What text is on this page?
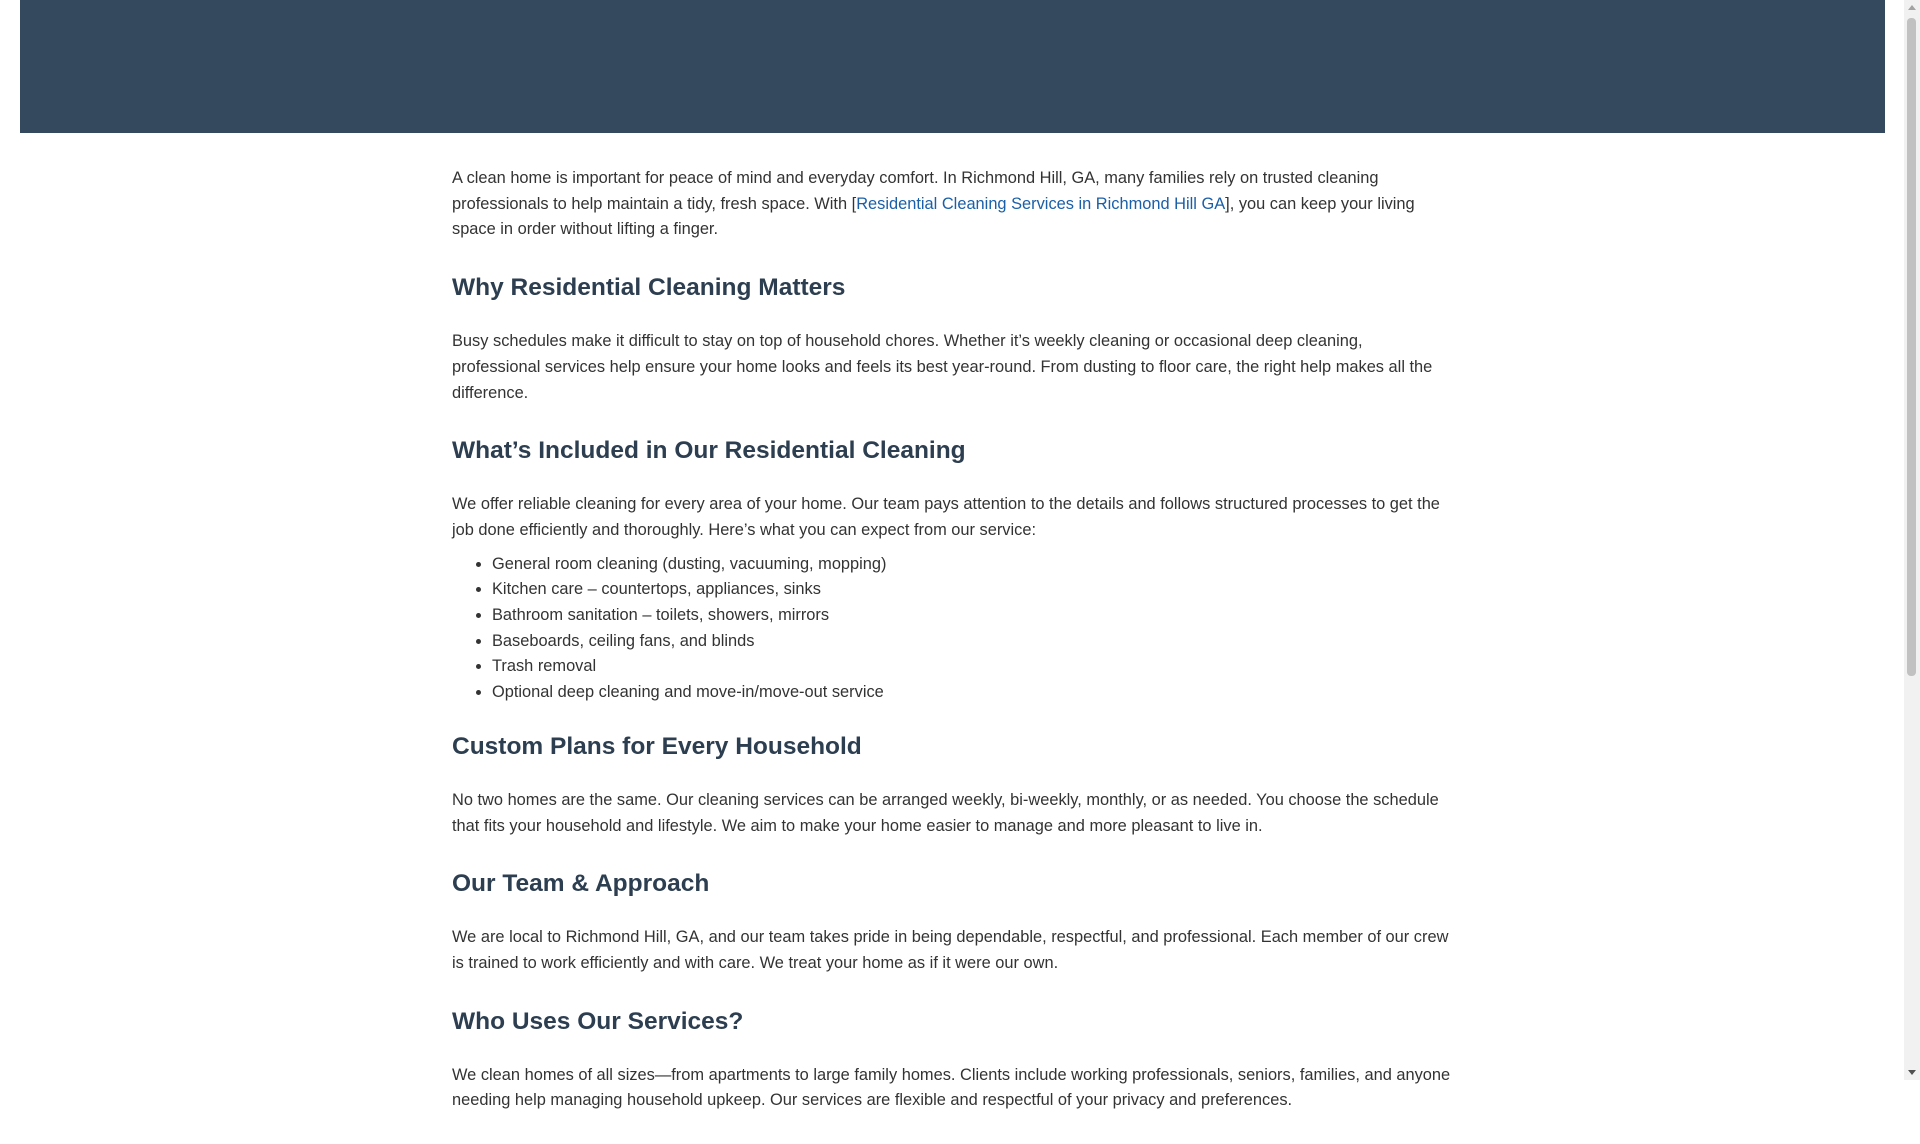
A clean home is important for peace of mind and everyday comfort. In Richmond Hill, GA, many families rely on trusted cleaning professionals to help maintain a tidy, fresh space. With [Residential Cleaning Services in Richmond Hill GA], you can keep your living space in order without lifting a finger.

Why Residential Cleaning Matters

Busy schedules make it difficult to stay on top of household chores. Whether it’s weekly cleaning or occasional deep cleaning, professional services help ensure your home looks and feels its best year-round. From dusting to floor care, the right help makes all the difference.

What’s Included in Our Residential Cleaning

We offer reliable cleaning for every area of your home. Our team pays attention to the details and follows structured processes to get the job done efficiently and thoroughly. Here’s what you can expect from our service:

• General room cleaning (dusting, vacuuming, mopping)
• Kitchen care – countertops, appliances, sinks
• Bathroom sanitation – toilets, showers, mirrors
• Baseboards, ceiling fans, and blinds
• Trash removal
• Optional deep cleaning and move-in/move-out service
Custom Plans for Every Household

No two homes are the same. Our cleaning services can be arranged weekly, bi-weekly, monthly, or as needed. You choose the schedule that fits your household and lifestyle. We aim to make your home easier to manage and more pleasant to live in.

Our Team & Approach

We are local to Richmond Hill, GA, and our team takes pride in being dependable, respectful, and professional. Each member of our crew is trained to work efficiently and with care. We treat your home as if it were our own.

Who Uses Our Services?

We clean homes of all sizes—from apartments to large family homes. Clients include working professionals, seniors, families, and anyone needing help managing household upkeep. Our services are flexible and respectful of your privacy and preferences.
